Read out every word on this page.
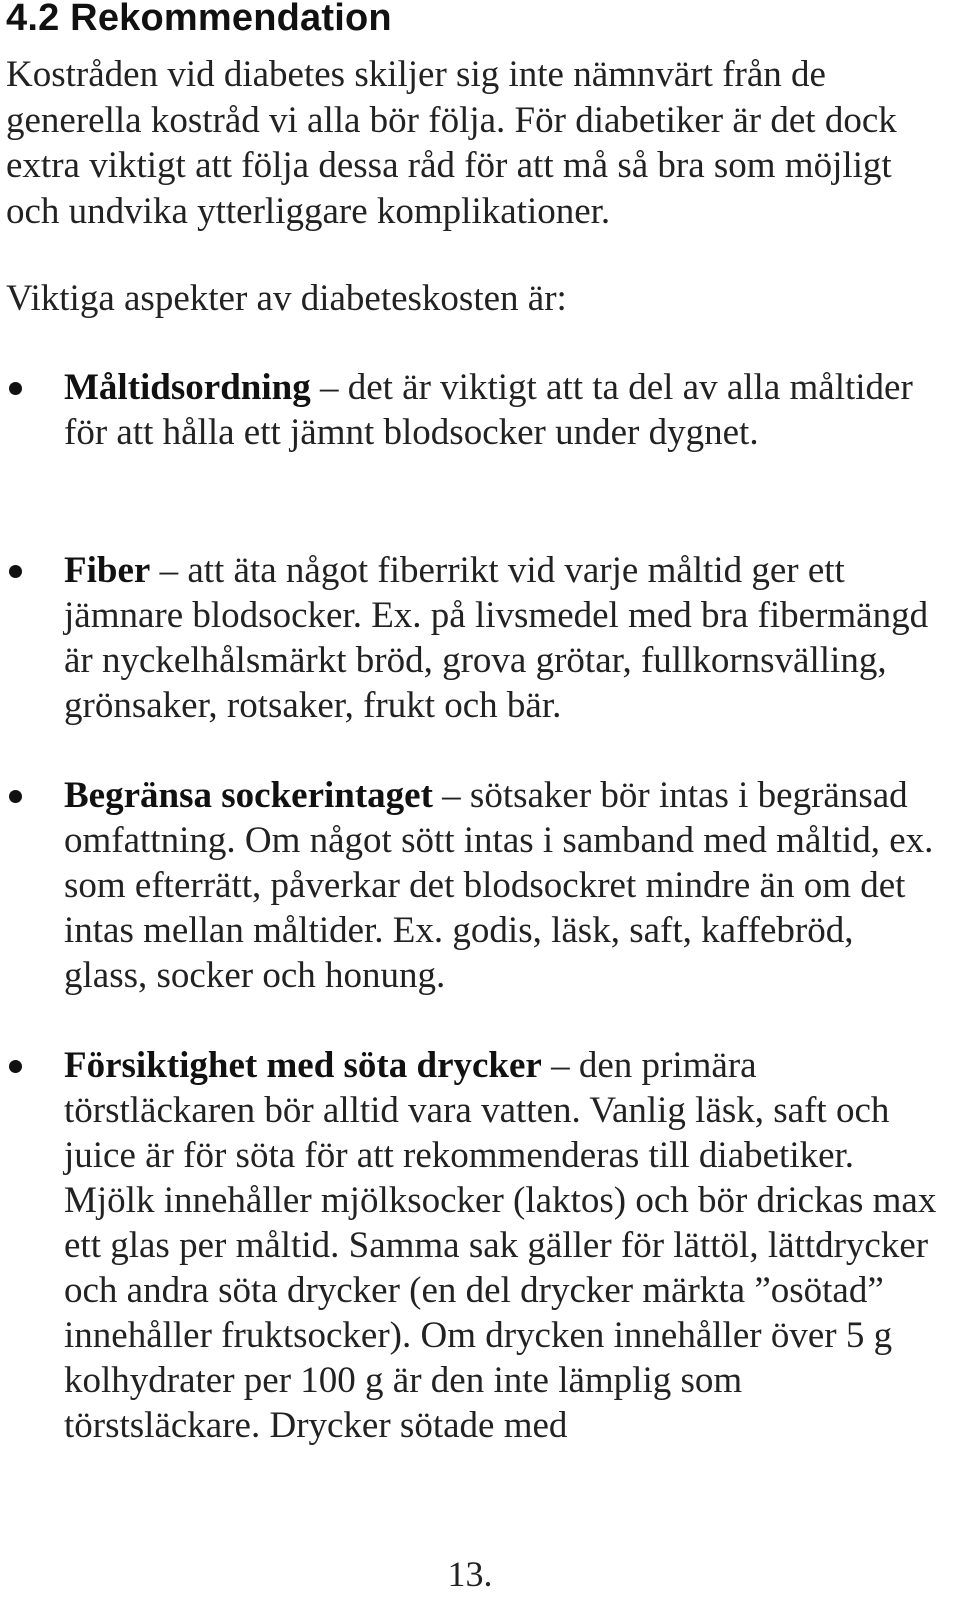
4.2 Rekommendation

Kostråden vid diabetes skiljer sig inte nämnvärt från de generella kostråd vi alla bör följa. För diabetiker är det dock extra viktigt att följa dessa råd för att må så bra som möjligt och undvika ytterliggare komplikationer.

Viktiga aspekter av diabeteskosten är:

Måltidsordning – det är viktigt att ta del av alla måltider för att hålla ett jämnt blodsocker under dygnet.

Fiber – att äta något fiberrikt vid varje måltid ger ett jämnare blodsocker. Ex. på livsmedel med bra fibermängd är nyckelhålsmärkt bröd, grova grötar, fullkornsvälling, grönsaker, rotsaker, frukt och bär.

Begränsa sockerintaget – sötsaker bör intas i begränsad omfattning. Om något sött intas i samband med måltid, ex. som efterrätt, påverkar det blodsockret mindre än om det intas mellan måltider. Ex. godis, läsk, saft, kaffebröd, glass, socker och honung.

Försiktighet med söta drycker – den primära törstläckaren bör alltid vara vatten. Vanlig läsk, saft och juice är för söta för att rekommenderas till diabetiker. Mjölk innehåller mjölksocker (laktos) och bör drickas max ett glas per måltid. Samma sak gäller för lättöl, lättdrycker och andra söta drycker (en del drycker märkta ”osötad” innehåller fruktsocker). Om drycken innehåller över 5 g kolhydrater per 100 g är den inte lämplig som törstsläckare. Drycker sötade med

13.
